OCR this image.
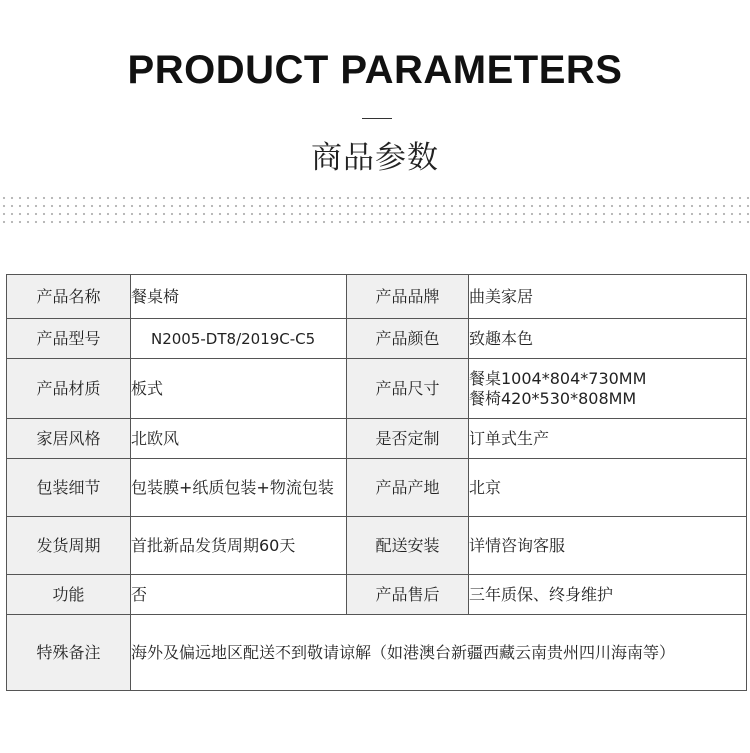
PRODUCT PARAMETERS
商品参数
产品名称	餐桌椅	产品品牌	曲美家居
产品型号	N2005-DT8/2019C-C5	产品颜色	致趣本色
产品材质	板式	产品尺寸	餐桌1004*804*730MM
餐椅420*530*808MM

家居风格	北欧风	是否定制	订单式生产
包装细节	包装膜+纸质包装+物流包装	产品产地	北京
发货周期	首批新品发货周期60天	配送安装	详情咨询客服
功能	否	产品售后	三年质保、终身维护
特殊备注	海外及偏远地区配送不到敬请谅解（如港澳台新疆西藏云南贵州四川海南等）		
